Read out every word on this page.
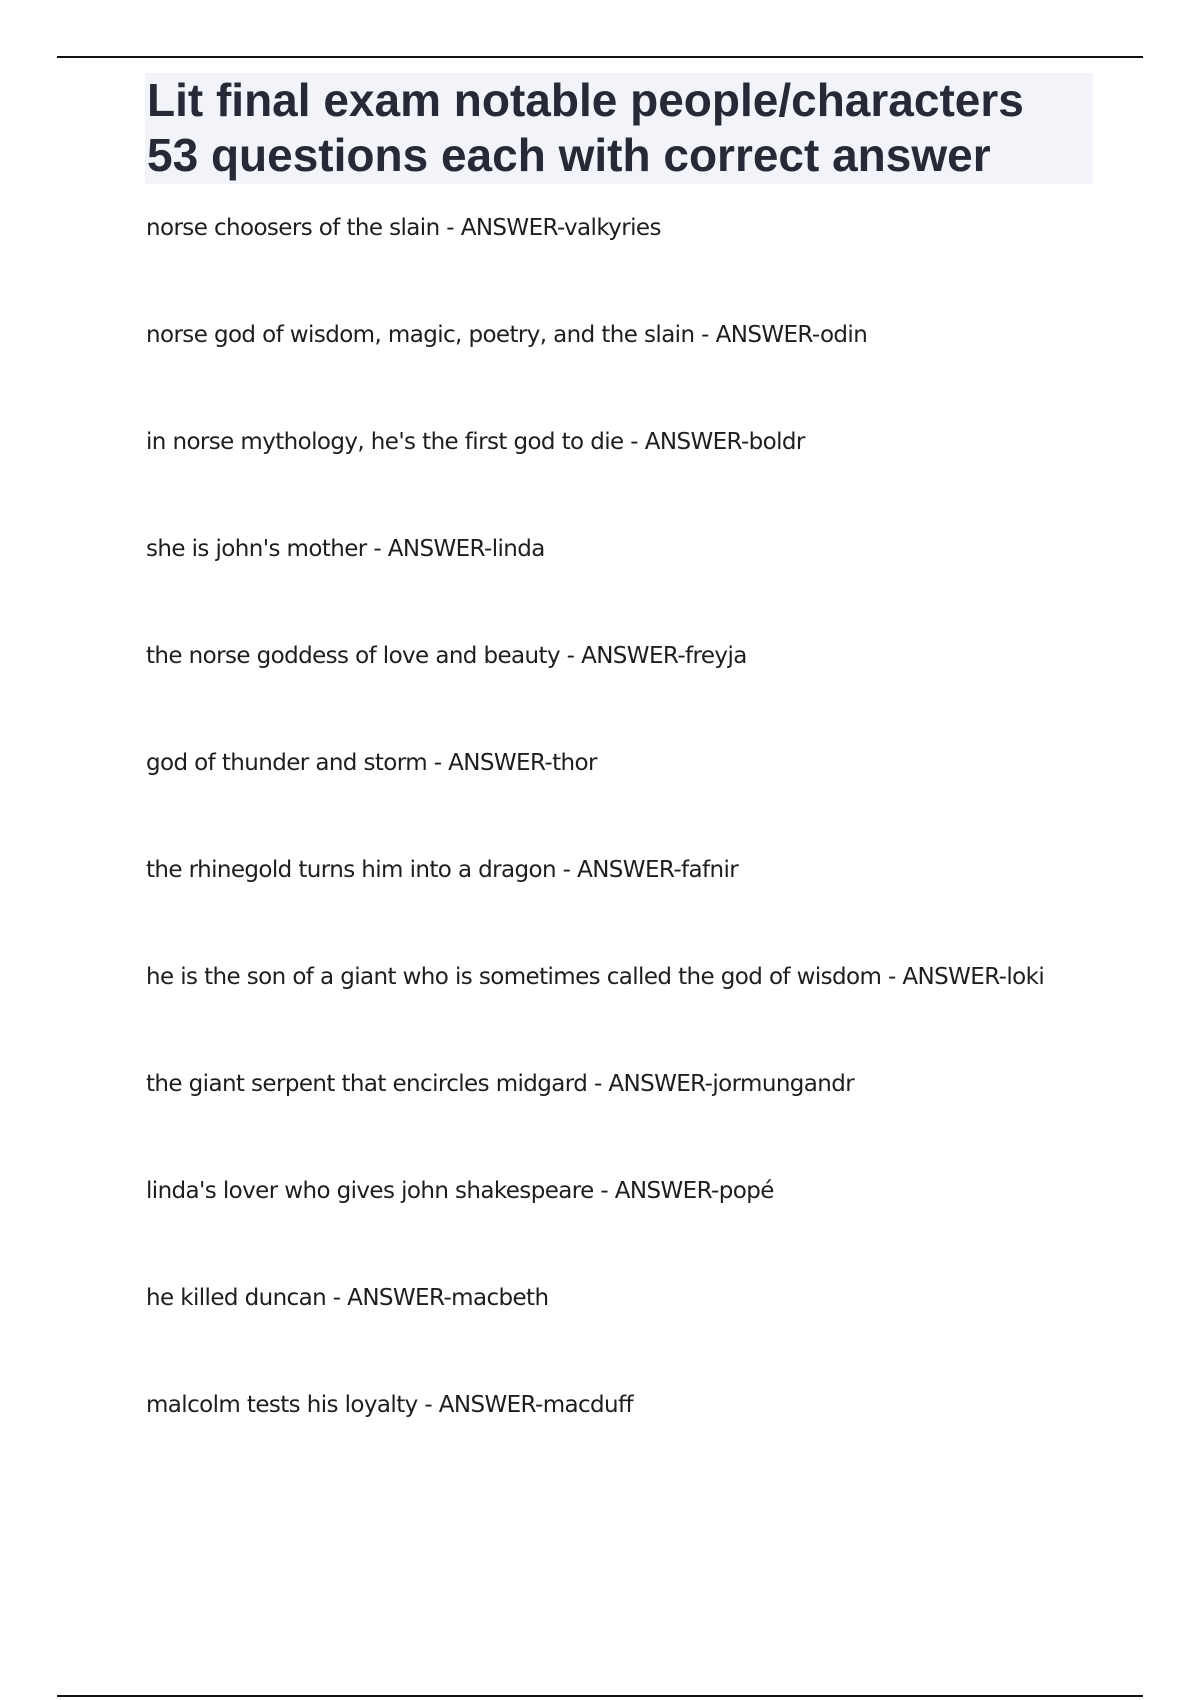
Lit final exam notable people/characters
53 questions each with correct answer
norse choosers of the slain - ANSWER-valkyries
norse god of wisdom, magic, poetry, and the slain - ANSWER-odin
in norse mythology, he's the first god to die - ANSWER-boldr
she is john's mother - ANSWER-linda
the norse goddess of love and beauty - ANSWER-freyja
god of thunder and storm - ANSWER-thor
the rhinegold turns him into a dragon - ANSWER-fafnir
he is the son of a giant who is sometimes called the god of wisdom - ANSWER-loki
the giant serpent that encircles midgard - ANSWER-jormungandr
linda's lover who gives john shakespeare - ANSWER-popé
he killed duncan - ANSWER-macbeth
malcolm tests his loyalty - ANSWER-macduff
